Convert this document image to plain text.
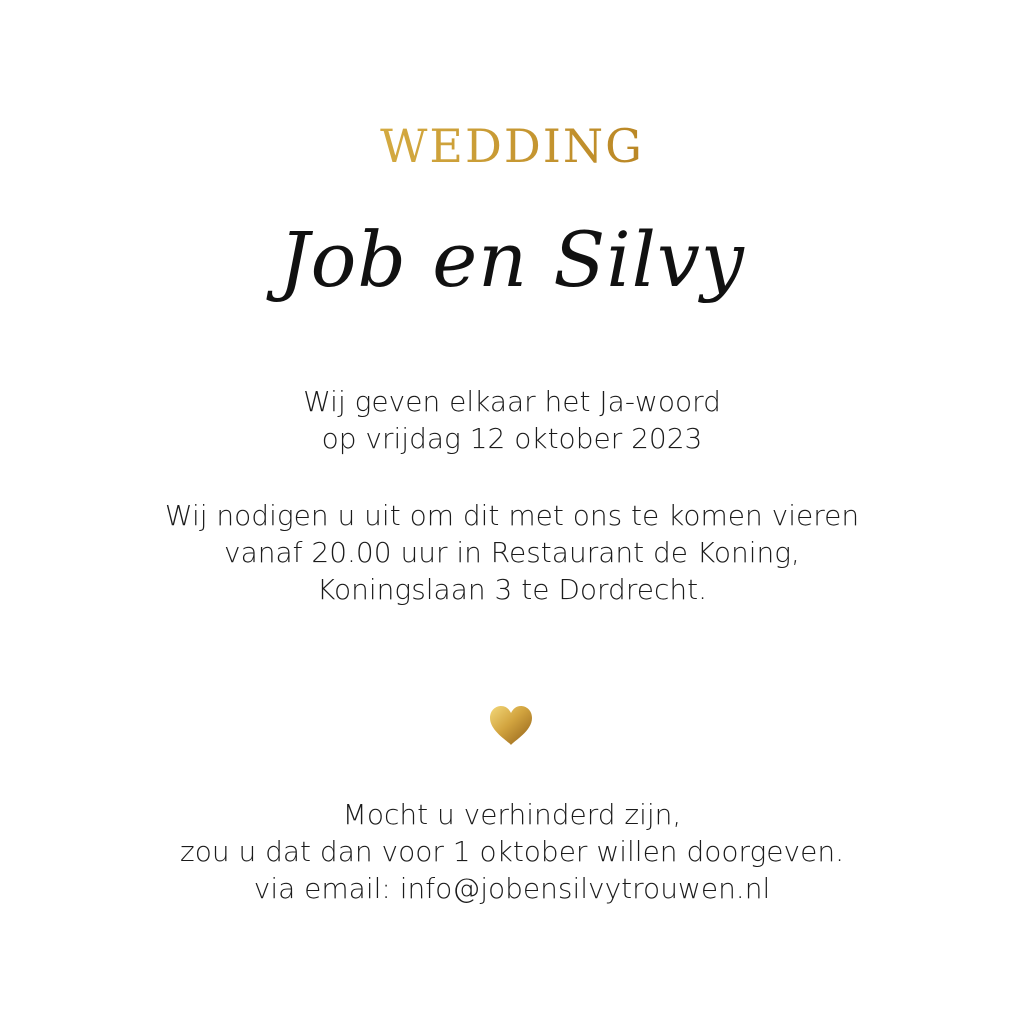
WEDDING
Job en Silvy
Wij geven elkaar het Ja-woord
op vrijdag 12 oktober 2023
Wij nodigen u uit om dit met ons te komen vieren
vanaf 20.00 uur in Restaurant de Koning,
Koningslaan 3 te Dordrecht.
Mocht u verhinderd zijn,
zou u dat dan voor 1 oktober willen doorgeven.
via email: info@jobensilvytrouwen.nl
